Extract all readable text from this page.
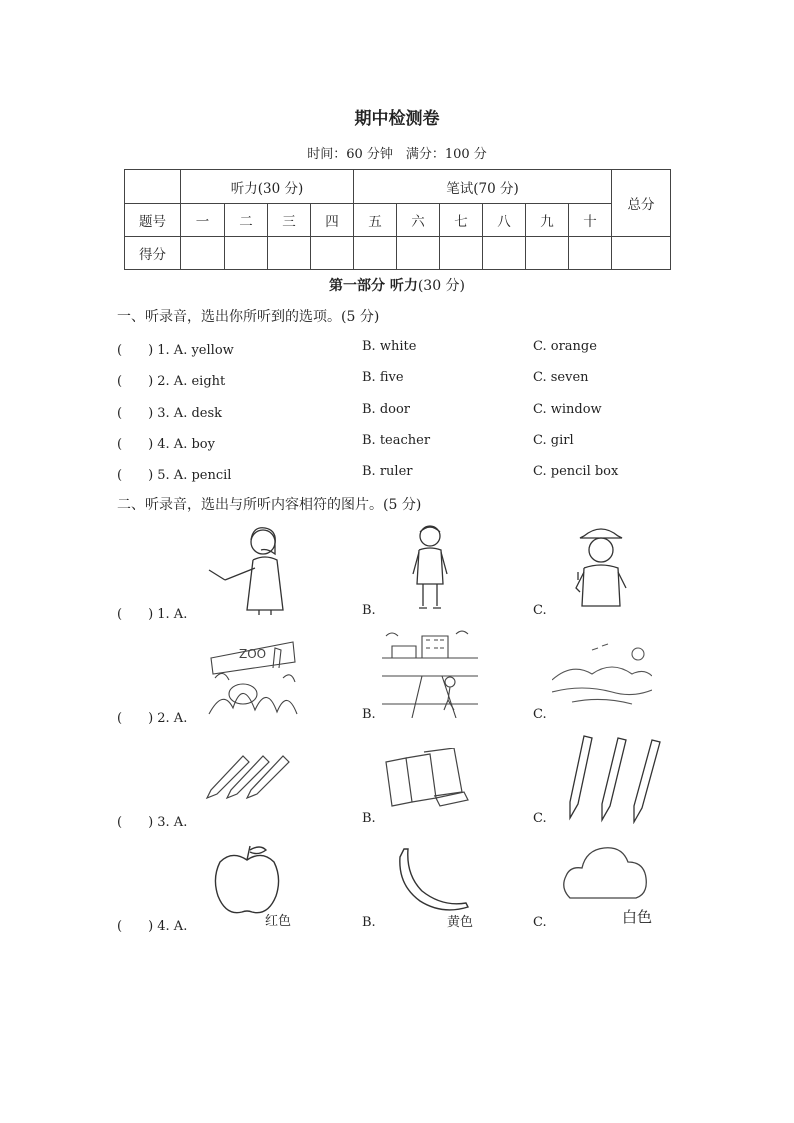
期中检测卷
时间：60 分钟　满分：100 分
	听力(30 分)				笔试(70 分)						总分
题号	一	二	三	四	五	六	七	八	九	十	
得分											
第一部分 听力(30 分)
一、听录音，选出你所听到的选项。(5 分)
(　　) 1. A. yellow	B. white	C. orange
(　　) 2. A. eight	B. five	C. seven
(　　) 3. A. desk	B. door	C. window
(　　) 4. A. boy	B. teacher	C. girl
(　　) 5. A. pencil	B. ruler	C. pencil box
二、听录音，选出与所听内容相符的图片。(5 分)
(　　) 1. A.	B.	C.
(　　) 2. A.	B.	C.
ZOO
(　　) 3. A.	B.	C.
(　　) 4. A.	B.	C.
红色	黄色	白色
